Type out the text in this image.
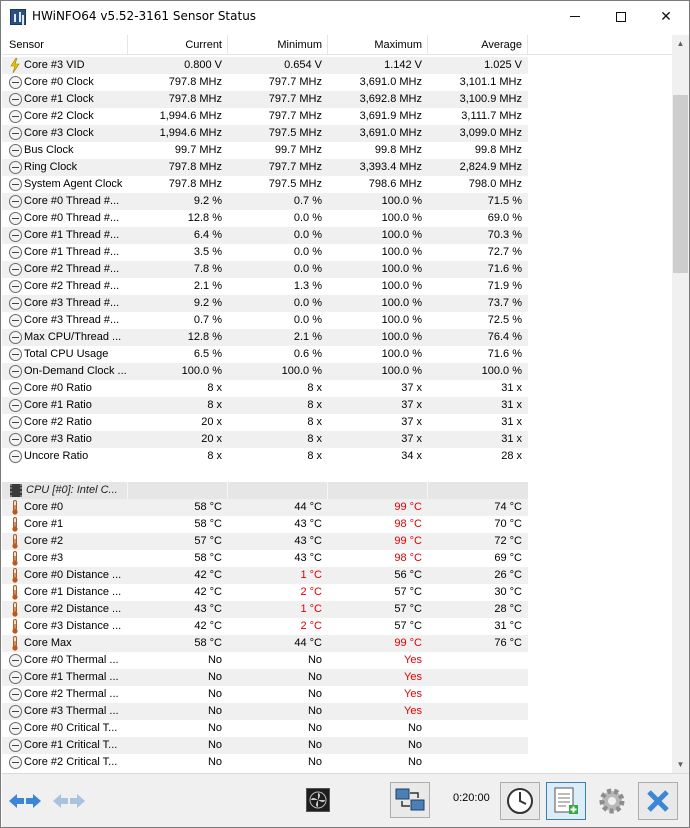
HWiNFO64 v5.52-3161 Sensor Status	✕
Sensor	Current	Minimum	Maximum	Average
Core #3 VID	0.800 V	0.654 V	1.142 V	1.025 V
Core #0 Clock	797.8 MHz	797.7 MHz	3,691.0 MHz	3,101.1 MHz
Core #1 Clock	797.8 MHz	797.7 MHz	3,692.8 MHz	3,100.9 MHz
Core #2 Clock	1,994.6 MHz	797.7 MHz	3,691.9 MHz	3,111.7 MHz
Core #3 Clock	1,994.6 MHz	797.5 MHz	3,691.0 MHz	3,099.0 MHz
Bus Clock	99.7 MHz	99.7 MHz	99.8 MHz	99.8 MHz
Ring Clock	797.8 MHz	797.7 MHz	3,393.4 MHz	2,824.9 MHz
System Agent Clock	797.8 MHz	797.5 MHz	798.6 MHz	798.0 MHz
Core #0 Thread #...	9.2 %	0.7 %	100.0 %	71.5 %
Core #0 Thread #...	12.8 %	0.0 %	100.0 %	69.0 %
Core #1 Thread #...	6.4 %	0.0 %	100.0 %	70.3 %
Core #1 Thread #...	3.5 %	0.0 %	100.0 %	72.7 %
Core #2 Thread #...	7.8 %	0.0 %	100.0 %	71.6 %
Core #2 Thread #...	2.1 %	1.3 %	100.0 %	71.9 %
Core #3 Thread #...	9.2 %	0.0 %	100.0 %	73.7 %
Core #3 Thread #...	0.7 %	0.0 %	100.0 %	72.5 %
Max CPU/Thread ...	12.8 %	2.1 %	100.0 %	76.4 %
Total CPU Usage	6.5 %	0.6 %	100.0 %	71.6 %
On-Demand Clock ...	100.0 %	100.0 %	100.0 %	100.0 %
Core #0 Ratio	8 x	8 x	37 x	31 x
Core #1 Ratio	8 x	8 x	37 x	31 x
Core #2 Ratio	20 x	8 x	37 x	31 x
Core #3 Ratio	20 x	8 x	37 x	31 x
Uncore Ratio	8 x	8 x	34 x	28 x
CPU [#0]: Intel C...
Core #0	58 °C	44 °C	99 °C	74 °C
Core #1	58 °C	43 °C	98 °C	70 °C
Core #2	57 °C	43 °C	99 °C	72 °C
Core #3	58 °C	43 °C	98 °C	69 °C
Core #0 Distance ...	42 °C	1 °C	56 °C	26 °C
Core #1 Distance ...	42 °C	2 °C	57 °C	30 °C
Core #2 Distance ...	43 °C	1 °C	57 °C	28 °C
Core #3 Distance ...	42 °C	2 °C	57 °C	31 °C
Core Max	58 °C	44 °C	99 °C	76 °C
Core #0 Thermal ...	No	No	Yes
Core #1 Thermal ...	No	No	Yes
Core #2 Thermal ...	No	No	Yes
Core #3 Thermal ...	No	No	Yes
Core #0 Critical T...	No	No	No
Core #1 Critical T...	No	No	No
Core #2 Critical T...	No	No	No
▲
▼
0:20:00
